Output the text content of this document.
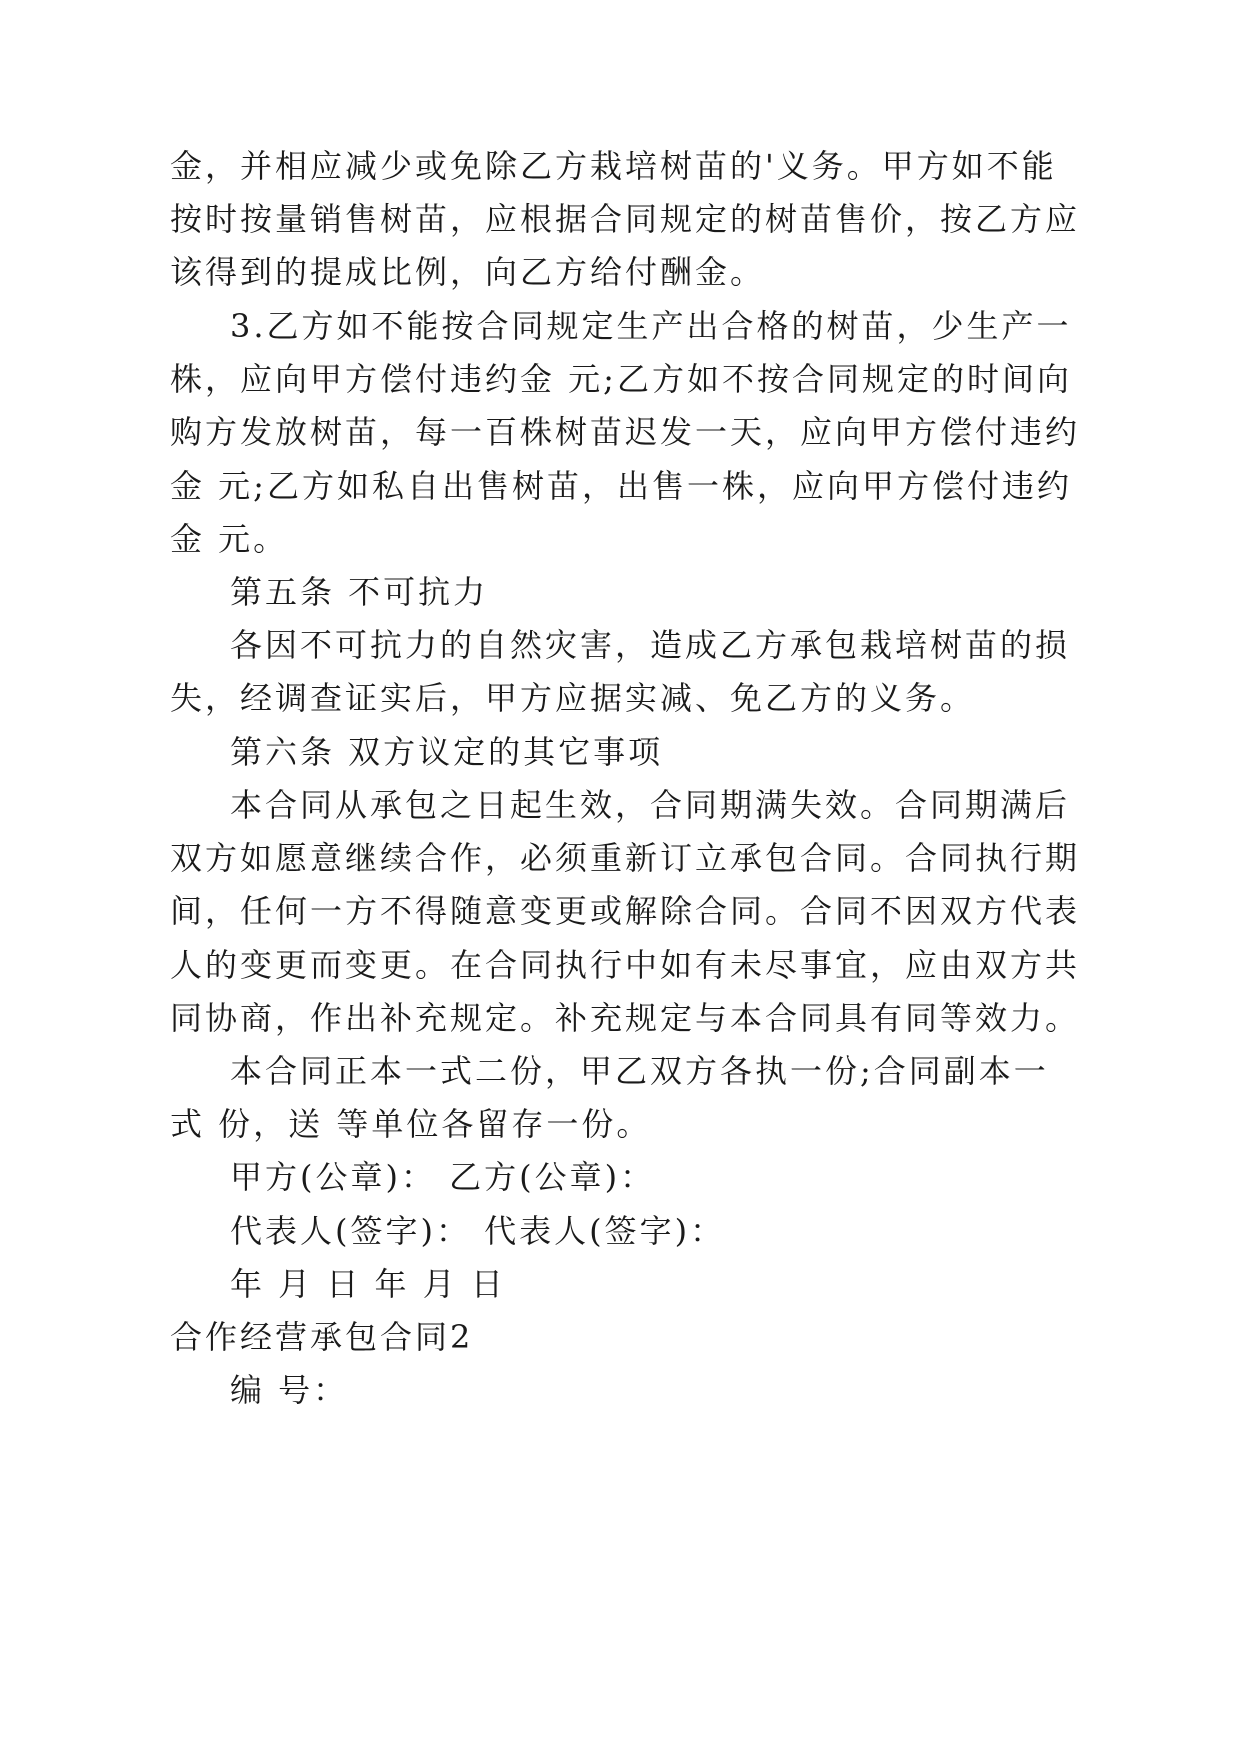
金，并相应减少或免除乙方栽培树苗的'义务。甲方如不能
按时按量销售树苗，应根据合同规定的树苗售价，按乙方应
该得到的提成比例，向乙方给付酬金。
3.乙方如不能按合同规定生产出合格的树苗，少生产一
株，应向甲方偿付违约金 元;乙方如不按合同规定的时间向
购方发放树苗，每一百株树苗迟发一天，应向甲方偿付违约
金 元;乙方如私自出售树苗，出售一株，应向甲方偿付违约
金 元。
第五条 不可抗力
各因不可抗力的自然灾害，造成乙方承包栽培树苗的损
失，经调查证实后，甲方应据实减、免乙方的义务。
第六条 双方议定的其它事项
本合同从承包之日起生效，合同期满失效。合同期满后
双方如愿意继续合作，必须重新订立承包合同。合同执行期
间，任何一方不得随意变更或解除合同。合同不因双方代表
人的变更而变更。在合同执行中如有未尽事宜，应由双方共
同协商，作出补充规定。补充规定与本合同具有同等效力。
本合同正本一式二份，甲乙双方各执一份;合同副本一
式 份，送 等单位各留存一份。
甲方(公章)： 乙方(公章)：
代表人(签字)： 代表人(签字)：
年 月 日 年 月 日
合作经营承包合同2
编 号：
